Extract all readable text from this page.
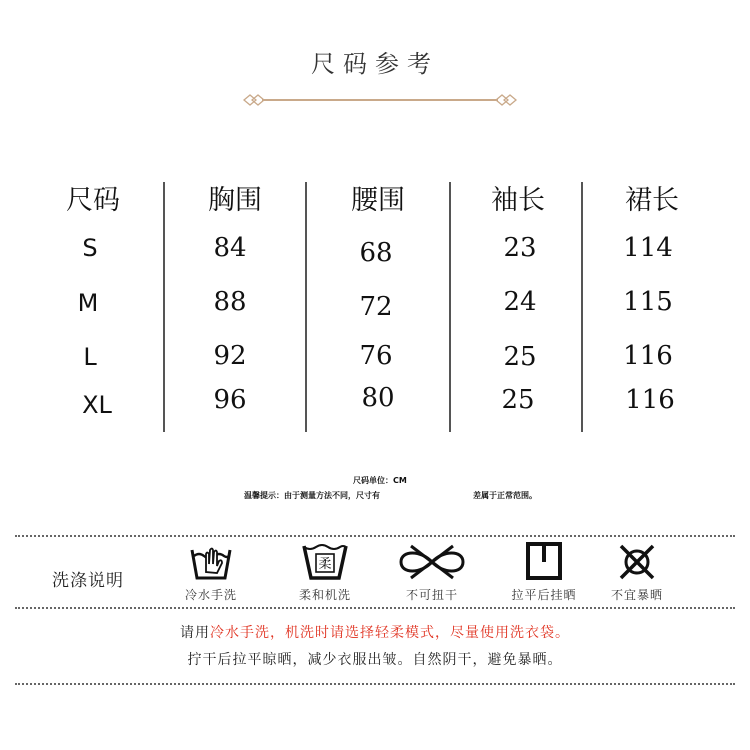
尺码参考
尺码	胸围	腰围	袖长	裙长
S	84	68	23	114
M	88	72	24	115
L	92	76	25	116
XL	96	80	25	116
尺码单位：CM
温馨提示：由于测量方法不同，尺寸有	差属于正常范围。
洗涤说明
冷水手洗
柔
柔和机洗	不可扭干	拉平后挂晒	不宜暴晒
请用冷水手洗，机洗时请选择轻柔模式，尽量使用洗衣袋。
拧干后拉平晾晒，减少衣服出皱。自然阴干，避免暴晒。
